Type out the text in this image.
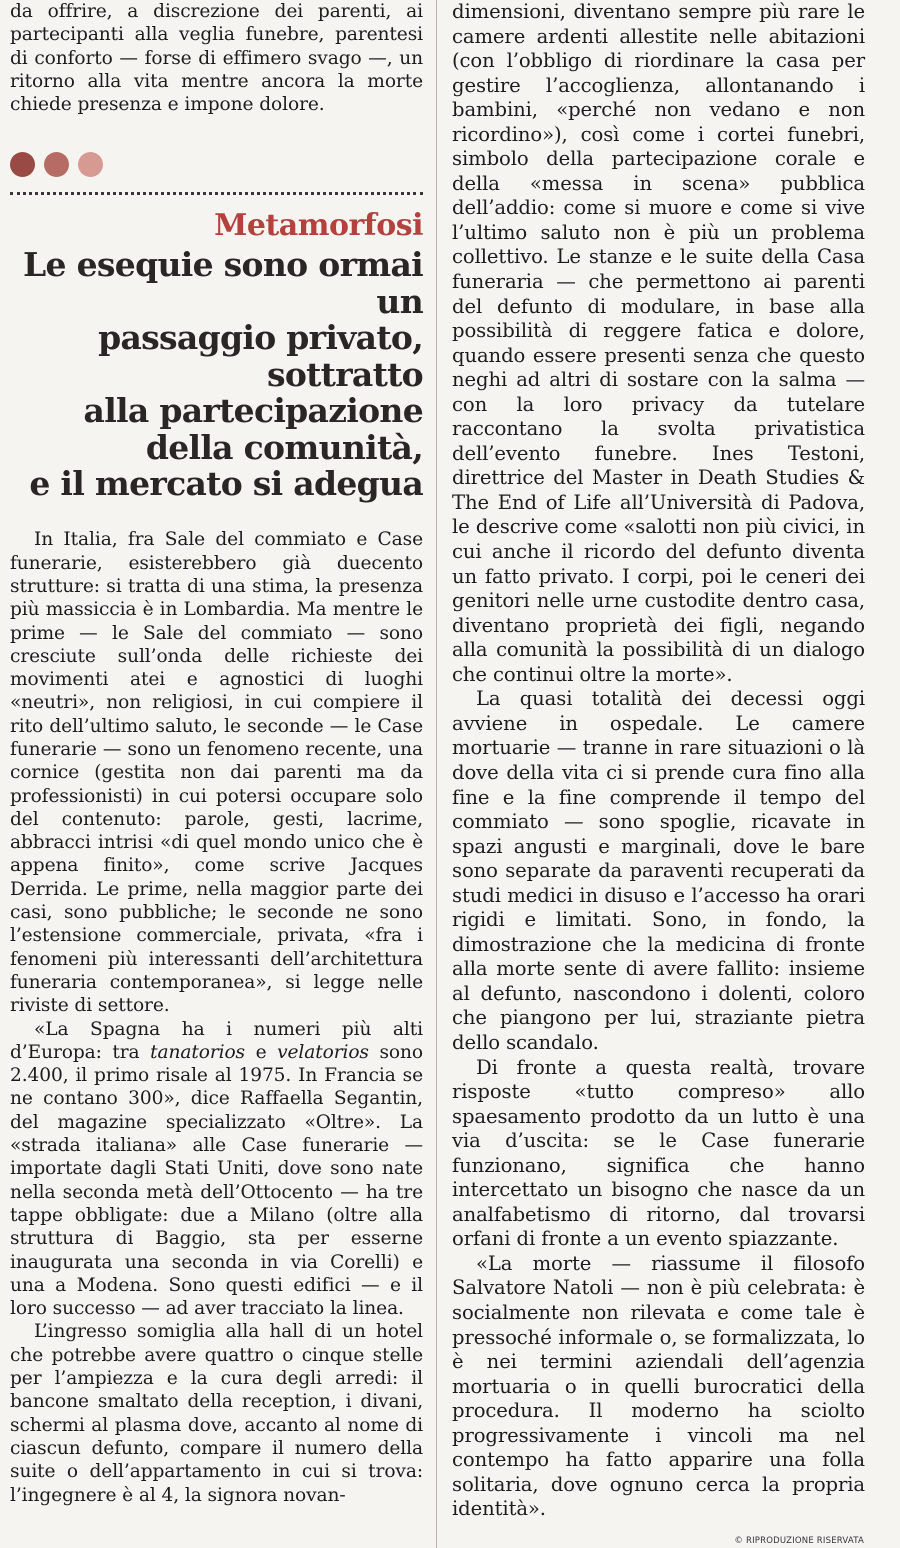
da offrire, a discrezione dei parenti, ai partecipanti alla veglia funebre, parentesi di conforto — forse di effimero svago —, un ritorno alla vita mentre ancora la morte chiede presenza e impone dolore.

Metamorfosi
Le esequie sono ormai un
passaggio privato, sottratto
alla partecipazione
della comunità,
e il mercato si adegua

In Italia, fra Sale del commiato e Case funerarie, esisterebbero già duecento strutture: si tratta di una stima, la presenza più massiccia è in Lombardia. Ma mentre le prime — le Sale del commiato — sono cresciute sull’onda delle richieste dei movimenti atei e agnostici di luoghi «neutri», non religiosi, in cui compiere il rito dell’ultimo saluto, le seconde — le Case funerarie — sono un fenomeno recente, una cornice (gestita non dai parenti ma da professionisti) in cui potersi occupare solo del contenuto: parole, gesti, lacrime, abbracci intrisi «di quel mondo unico che è appena finito», come scrive Jacques Derrida. Le prime, nella maggior parte dei casi, sono pubbliche; le seconde ne sono l’estensione commerciale, privata, «fra i fenomeni più interessanti dell’architettura funeraria contemporanea», si legge nelle riviste di settore.

«La Spagna ha i numeri più alti d’Europa: tra tanatorios e velatorios sono 2.400, il primo risale al 1975. In Francia se ne contano 300», dice Raffaella Segantin, del magazine specializzato «Oltre». La «strada italiana» alle Case funerarie — importate dagli Stati Uniti, dove sono nate nella seconda metà dell’Ottocento — ha tre tappe obbligate: due a Milano (oltre alla struttura di Baggio, sta per esserne inaugurata una seconda in via Corelli) e una a Modena. Sono questi edifici — e il loro successo — ad aver tracciato la linea.

L’ingresso somiglia alla hall di un hotel che potrebbe avere quattro o cinque stelle per l’ampiezza e la cura degli arredi: il bancone smaltato della reception, i divani, schermi al plasma dove, accanto al nome di ciascun defunto, compare il numero della suite o dell’appartamento in cui si trova: l’ingegnere è al 4, la signora novan-

dimensioni, diventano sempre più rare le camere ardenti allestite nelle abitazioni (con l’obbligo di riordinare la casa per gestire l’accoglienza, allontanando i bambini, «perché non vedano e non ricordino»), così come i cortei funebri, simbolo della partecipazione corale e della «messa in scena» pubblica dell’addio: come si muore e come si vive l’ultimo saluto non è più un problema collettivo. Le stanze e le suite della Casa funeraria — che permettono ai parenti del defunto di modulare, in base alla possibilità di reggere fatica e dolore, quando essere presenti senza che questo neghi ad altri di sostare con la salma — con la loro privacy da tutelare raccontano la svolta privatistica dell’evento funebre. Ines Testoni, direttrice del Master in Death Studies & The End of Life all’Università di Padova, le descrive come «salotti non più civici, in cui anche il ricordo del defunto diventa un fatto privato. I corpi, poi le ceneri dei genitori nelle urne custodite dentro casa, diventano proprietà dei figli, negando alla comunità la possibilità di un dialogo che continui oltre la morte».

La quasi totalità dei decessi oggi avviene in ospedale. Le camere mortuarie — tranne in rare situazioni o là dove della vita ci si prende cura fino alla fine e la fine comprende il tempo del commiato — sono spoglie, ricavate in spazi angusti e marginali, dove le bare sono separate da paraventi recuperati da studi medici in disuso e l’accesso ha orari rigidi e limitati. Sono, in fondo, la dimostrazione che la medicina di fronte alla morte sente di avere fallito: insieme al defunto, nascondono i dolenti, coloro che piangono per lui, straziante pietra dello scandalo.

Di fronte a questa realtà, trovare risposte «tutto compreso» allo spaesamento prodotto da un lutto è una via d’uscita: se le Case funerarie funzionano, significa che hanno intercettato un bisogno che nasce da un analfabetismo di ritorno, dal trovarsi orfani di fronte a un evento spiazzante.

«La morte — riassume il filosofo Salvatore Natoli — non è più celebrata: è socialmente non rilevata e come tale è pressoché informale o, se formalizzata, lo è nei termini aziendali dell’agenzia mortuaria o in quelli burocratici della procedura. Il moderno ha sciolto progressivamente i vincoli ma nel contempo ha fatto apparire una folla solitaria, dove ognuno cerca la propria identità».

© RIPRODUZIONE RISERVATA
